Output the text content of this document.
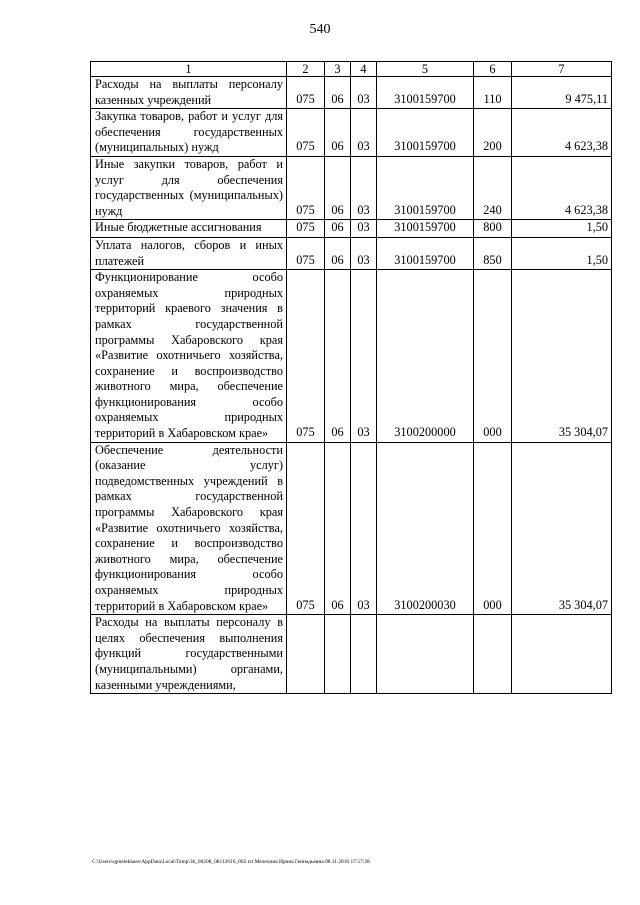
540
1	2	3	4	5	6	7
Расходы на выплаты персоналу казенных учреждений	075	06	03	3100159700	110	9 475,11
Закупка товаров, работ и услуг для обеспечения государственных (муниципальных) нужд	075	06	03	3100159700	200	4 623,38
Иные закупки товаров, работ и услуг для обеспечения государственных (муниципальных) нужд	075	06	03	3100159700	240	4 623,38
Иные бюджетные ассигнования	075	06	03	3100159700	800	1,50
Уплата налогов, сборов и иных платежей	075	06	03	3100159700	850	1,50
Функционирование особо охраняемых природных территорий краевого значения в рамках государственной программы Хабаровского края «Развитие охотничьего хозяйства, сохранение и воспроизводство животного мира, обеспечение функционирования особо охраняемых природных территорий в Хабаровском крае»	075	06	03	3100200000	000	35 304,07
Обеспечение деятельности (оказание услуг) подведомственных учреждений в рамках государственной программы Хабаровского края «Развитие охотничьего хозяйства, сохранение и воспроизводство животного мира, обеспечение функционирования особо охраняемых природных территорий в Хабаровском крае»	075	06	03	3100200030	000	35 304,07
Расходы на выплаты персоналу в целях обеспечения выполнения функций государственными (муниципальными) органами, казенными учреждениями,						
C:\Users\sgmelekhaes\AppData\Local\Temp\3k_00208_08112016_002.txt Мелехина Ирина Геннадьевна 08.11.2016 17:57:28
